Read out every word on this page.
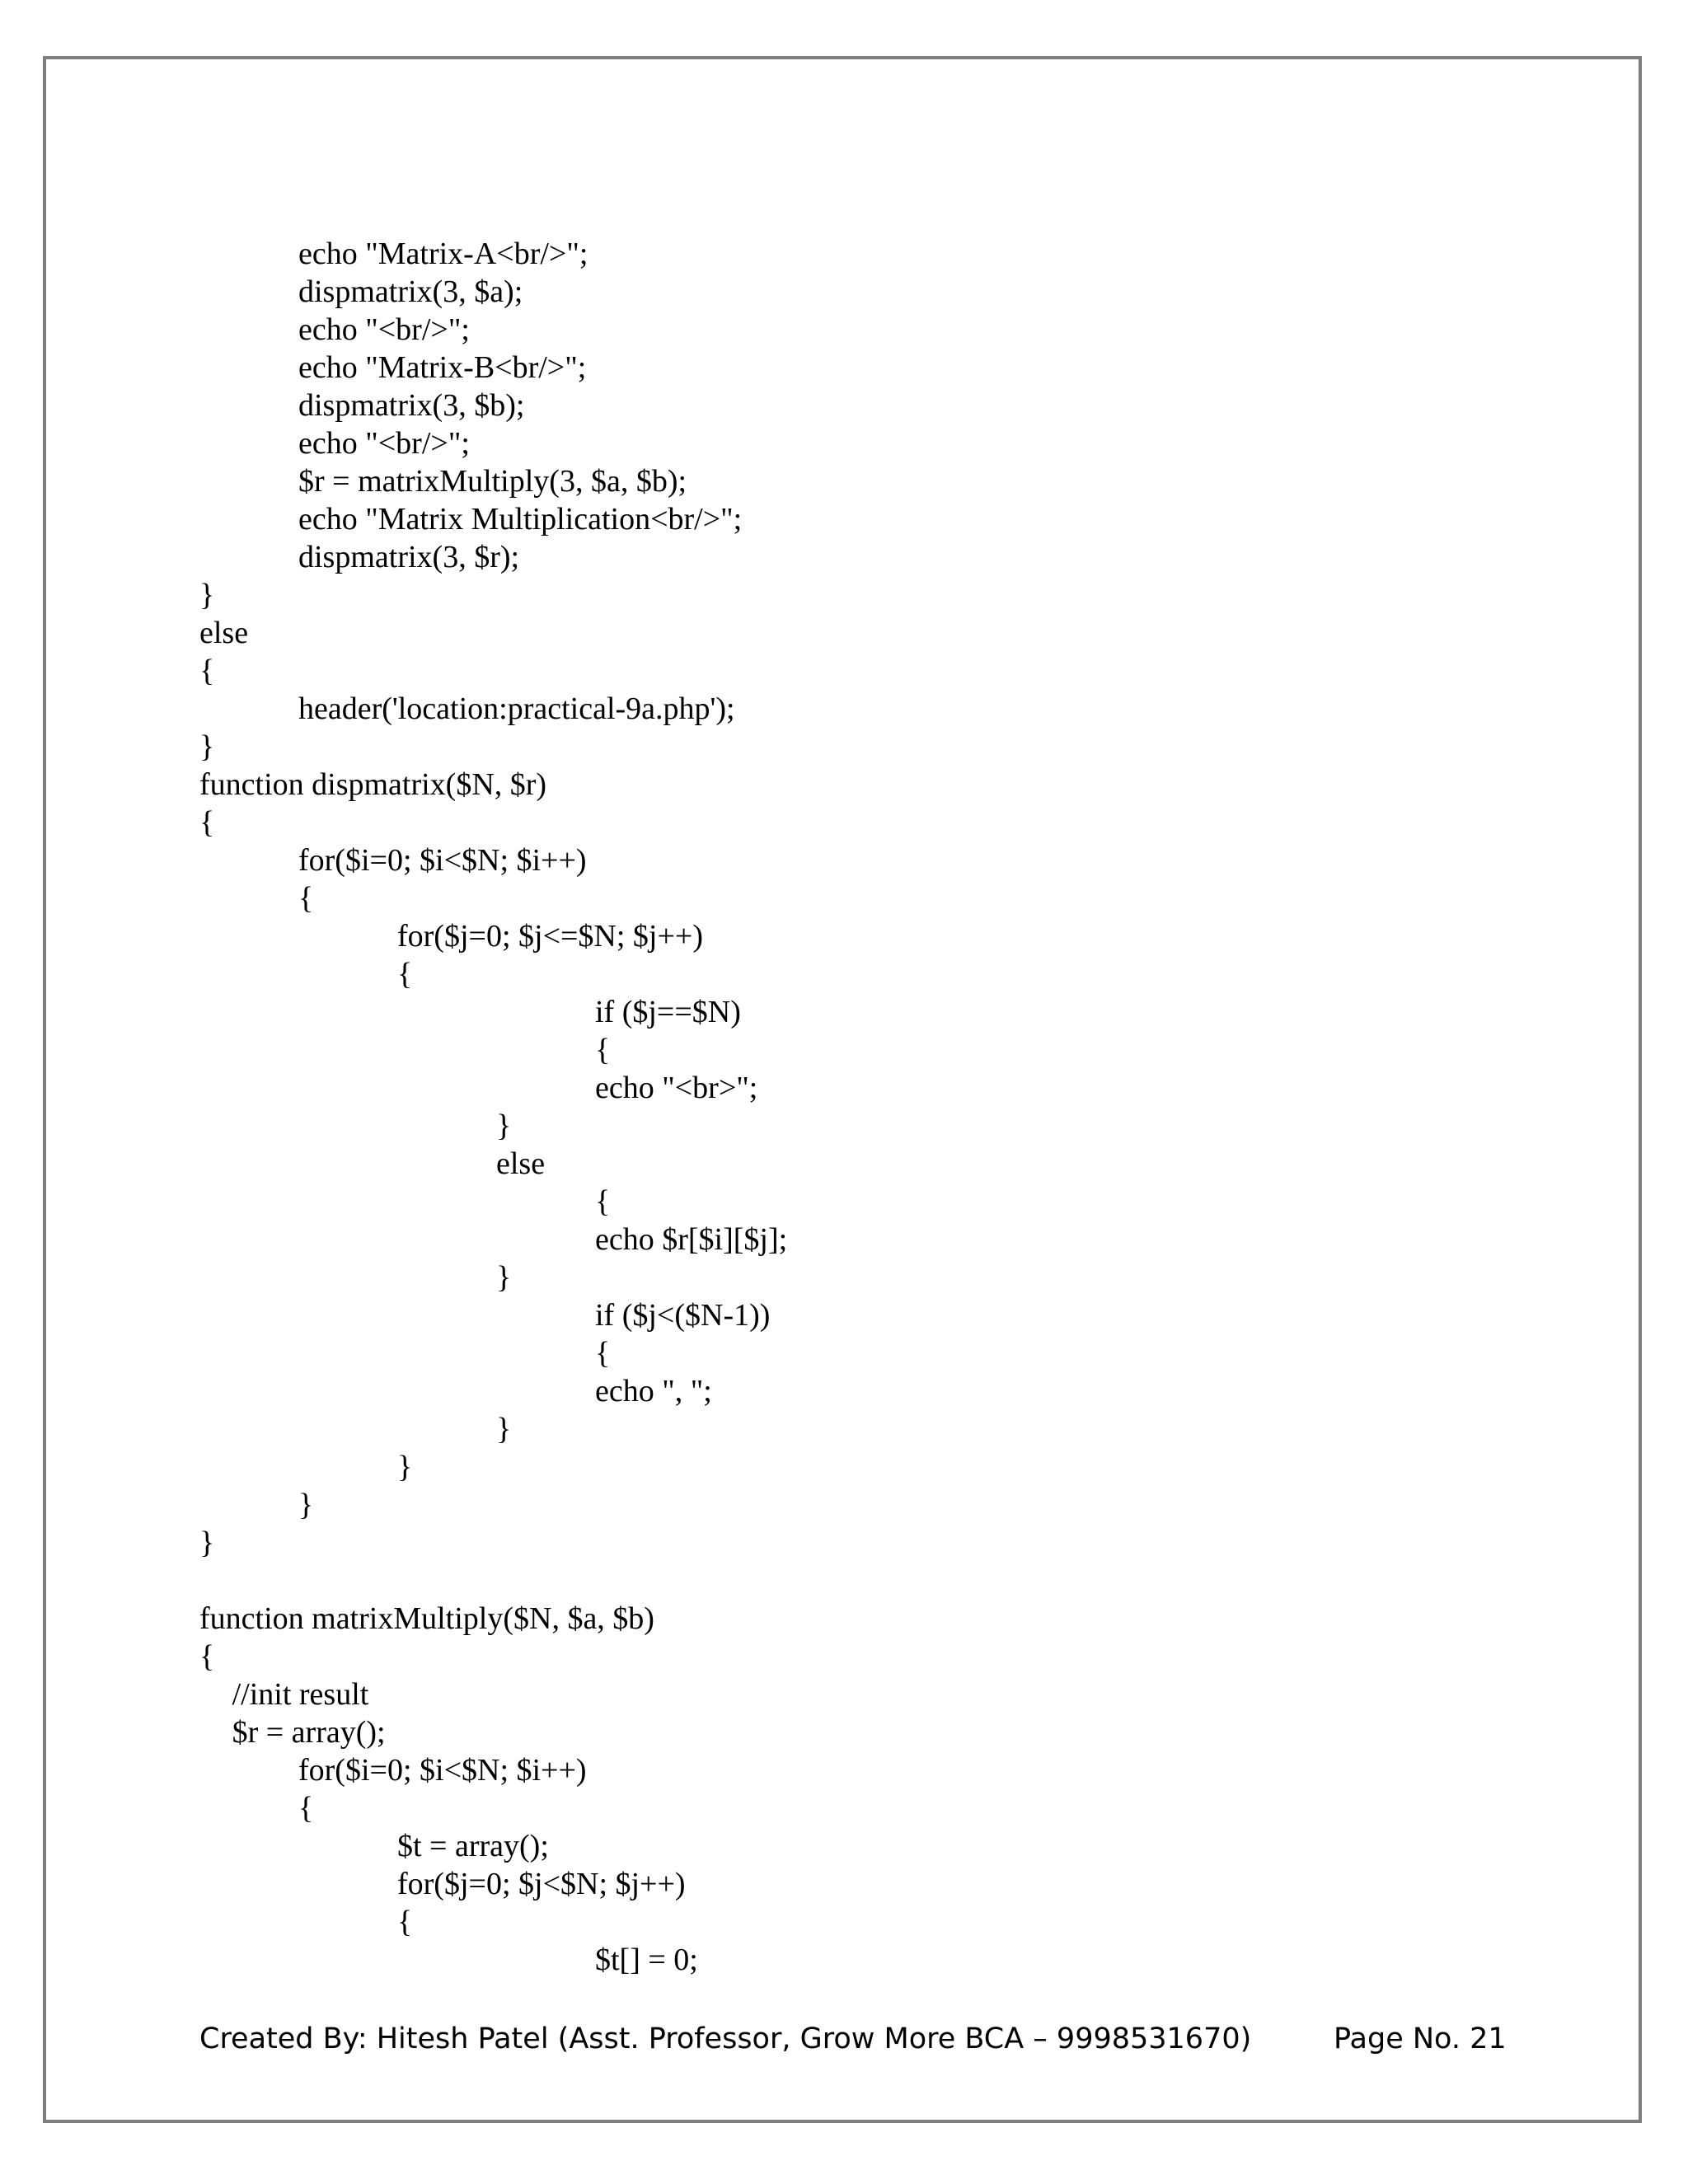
echo "Matrix-A<br/>";
dispmatrix(3, $a);
echo "<br/>";
echo "Matrix-B<br/>";
dispmatrix(3, $b);
echo "<br/>";
$r = matrixMultiply(3, $a, $b);
echo "Matrix Multiplication<br/>";
dispmatrix(3, $r);
}
else
{
header('location:practical-9a.php');
}
function dispmatrix($N, $r)
{
for($i=0; $i<$N; $i++)
{
for($j=0; $j<=$N; $j++)
{
if ($j==$N)
{
echo "<br>";
}
else
{
echo $r[$i][$j];
}
if ($j<($N-1))
{
echo ", ";
}
}
}
}
function matrixMultiply($N, $a, $b)
{
//init result
$r = array();
for($i=0; $i<$N; $i++)
{
$t = array();
for($j=0; $j<$N; $j++)
{
$t[] = 0;
Created By: Hitesh Patel (Asst. Professor, Grow More BCA – 9998531670)	Page No. 21
